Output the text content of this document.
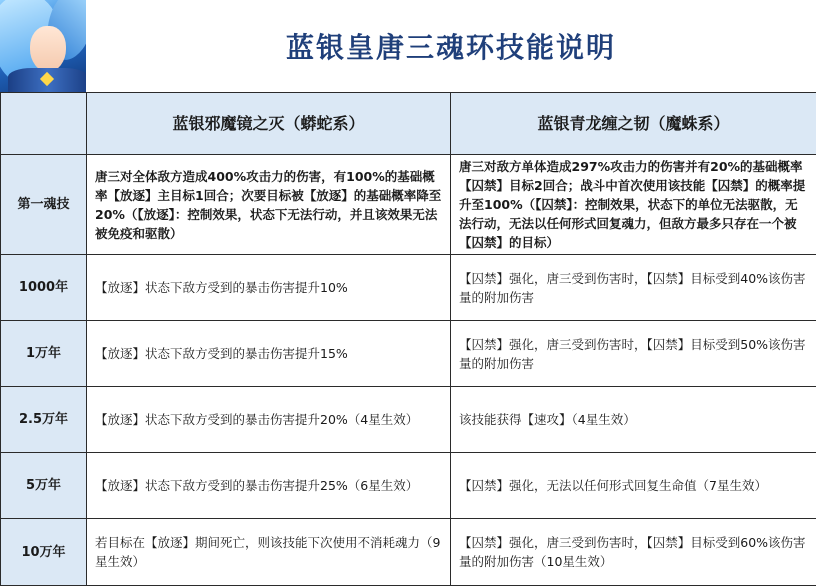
蓝银皇唐三魂环技能说明
	蓝银邪魔镜之灭（蟒蛇系）	蓝银青龙缠之韧（魔蛛系）
第一魂技	唐三对全体敌方造成400%攻击力的伤害，有100%的基础概率【放逐】主目标1回合；次要目标被【放逐】的基础概率降至20%（【放逐】：控制效果，状态下无法行动，并且该效果无法被免疫和驱散）	唐三对敌方单体造成297%攻击力的伤害并有20%的基础概率【囚禁】目标2回合；战斗中首次使用该技能【囚禁】的概率提升至100%（【囚禁】：控制效果，状态下的单位无法驱散，无法行动，无法以任何形式回复魂力，但敌方最多只存在一个被【囚禁】的目标）
1000年	【放逐】状态下敌方受到的暴击伤害提升10%	【囚禁】强化，唐三受到伤害时，【囚禁】目标受到40%该伤害量的附加伤害
1万年	【放逐】状态下敌方受到的暴击伤害提升15%	【囚禁】强化，唐三受到伤害时，【囚禁】目标受到50%该伤害量的附加伤害
2.5万年	【放逐】状态下敌方受到的暴击伤害提升20%（4星生效）	该技能获得【速攻】（4星生效）
5万年	【放逐】状态下敌方受到的暴击伤害提升25%（6星生效）	【囚禁】强化，无法以任何形式回复生命值（7星生效）
10万年	若目标在【放逐】期间死亡，则该技能下次使用不消耗魂力（9星生效）	【囚禁】强化，唐三受到伤害时，【囚禁】目标受到60%该伤害量的附加伤害（10星生效）
